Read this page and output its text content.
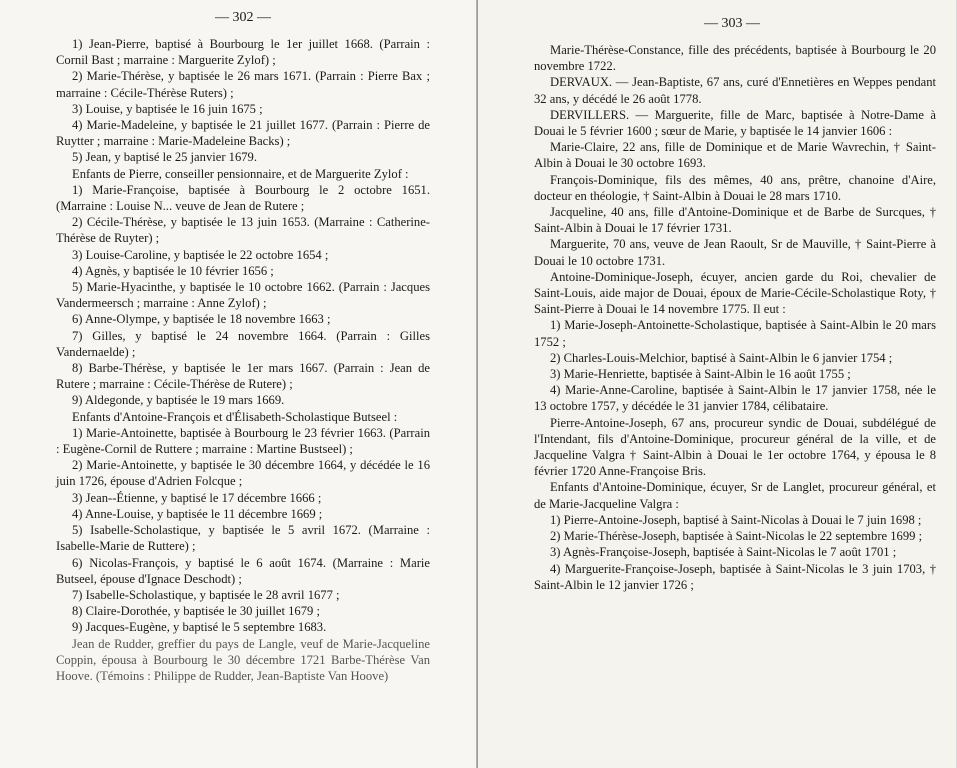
— 302 —

1) Jean-Pierre, baptisé à Bourbourg le 1er juillet 1668. (Parrain : Cornil Bast ; marraine : Marguerite Zylof) ;

2) Marie-Thérèse, y baptisée le 26 mars 1671. (Parrain : Pierre Bax ; marraine : Cécile-Thérèse Ruters) ;

3) Louise, y baptisée le 16 juin 1675 ;

4) Marie-Madeleine, y baptisée le 21 juillet 1677. (Parrain : Pierre de Ruytter ; marraine : Marie-Madeleine Backs) ;

5) Jean, y baptisé le 25 janvier 1679.

Enfants de Pierre, conseiller pensionnaire, et de Marguerite Zylof :

1) Marie-Françoise, baptisée à Bourbourg le 2 octobre 1651. (Marraine : Louise N... veuve de Jean de Rutere ;

2) Cécile-Thérèse, y baptisée le 13 juin 1653. (Marraine : Catherine-Thérèse de Ruyter) ;

3) Louise-Caroline, y baptisée le 22 octobre 1654 ;

4) Agnès, y baptisée le 10 février 1656 ;

5) Marie-Hyacinthe, y baptisée le 10 octobre 1662. (Parrain : Jacques Vandermeersch ; marraine : Anne Zylof) ;

6) Anne-Olympe, y baptisée le 18 novembre 1663 ;

7) Gilles, y baptisé le 24 novembre 1664. (Parrain : Gilles Vandernaelde) ;

8) Barbe-Thérèse, y baptisée le 1er mars 1667. (Parrain : Jean de Rutere ; marraine : Cécile-Thérèse de Rutere) ;

9) Aldegonde, y baptisée le 19 mars 1669.

Enfants d'Antoine-François et d'Élisabeth-Scholastique Butseel :

1) Marie-Antoinette, baptisée à Bourbourg le 23 février 1663. (Parrain : Eugène-Cornil de Ruttere ; marraine : Martine Bustseel) ;

2) Marie-Antoinette, y baptisée le 30 décembre 1664, y décédée le 16 juin 1726, épouse d'Adrien Folcque ;

3) Jean--Étienne, y baptisé le 17 décembre 1666 ;

4) Anne-Louise, y baptisée le 11 décembre 1669 ;

5) Isabelle-Scholastique, y baptisée le 5 avril 1672. (Marraine : Isabelle-Marie de Ruttere) ;

6) Nicolas-François, y baptisé le 6 août 1674. (Marraine : Marie Butseel, épouse d'Ignace Deschodt) ;

7) Isabelle-Scholastique, y baptisée le 28 avril 1677 ;

8) Claire-Dorothée, y baptisée le 30 juillet 1679 ;

9) Jacques-Eugène, y baptisé le 5 septembre 1683.

Jean de Rudder, greffier du pays de Langle, veuf de Marie-Jacqueline Coppin, épousa à Bourbourg le 30 décembre 1721 Barbe-Thérèse Van Hoove. (Témoins : Philippe de Rudder, Jean-Baptiste Van Hoove)

— 303 —

Marie-Thérèse-Constance, fille des précédents, baptisée à Bourbourg le 20 novembre 1722.

DERVAUX. — Jean-Baptiste, 67 ans, curé d'Ennetières en Weppes pendant 32 ans, y décédé le 26 août 1778.

DERVILLERS. — Marguerite, fille de Marc, baptisée à Notre-Dame à Douai le 5 février 1600 ; sœur de Marie, y baptisée le 14 janvier 1606 :

Marie-Claire, 22 ans, fille de Dominique et de Marie Wavrechin, † Saint-Albin à Douai le 30 octobre 1693.

François-Dominique, fils des mêmes, 40 ans, prêtre, chanoine d'Aire, docteur en théologie, † Saint-Albin à Douai le 28 mars 1710.

Jacqueline, 40 ans, fille d'Antoine-Dominique et de Barbe de Surcques, † Saint-Albin à Douai le 17 février 1731.

Marguerite, 70 ans, veuve de Jean Raoult, Sr de Mauville, † Saint-Pierre à Douai le 10 octobre 1731.

Antoine-Dominique-Joseph, écuyer, ancien garde du Roi, chevalier de Saint-Louis, aide major de Douai, époux de Marie-Cécile-Scholastique Roty, † Saint-Pierre à Douai le 14 novembre 1775. Il eut :

1) Marie-Joseph-Antoinette-Scholastique, baptisée à Saint-Albin le 20 mars 1752 ;

2) Charles-Louis-Melchior, baptisé à Saint-Albin le 6 janvier 1754 ;

3) Marie-Henriette, baptisée à Saint-Albin le 16 août 1755 ;

4) Marie-Anne-Caroline, baptisée à Saint-Albin le 17 janvier 1758, née le 13 octobre 1757, y décédée le 31 janvier 1784, célibataire.

Pierre-Antoine-Joseph, 67 ans, procureur syndic de Douai, subdélégué de l'Intendant, fils d'Antoine-Dominique, procureur général de la ville, et de Jacqueline Valgra † Saint-Albin à Douai le 1er octobre 1764, y épousa le 8 février 1720 Anne-Françoise Bris.

Enfants d'Antoine-Dominique, écuyer, Sr de Langlet, procureur général, et de Marie-Jacqueline Valgra :

1) Pierre-Antoine-Joseph, baptisé à Saint-Nicolas à Douai le 7 juin 1698 ;

2) Marie-Thérèse-Joseph, baptisée à Saint-Nicolas le 22 septembre 1699 ;

3) Agnès-Françoise-Joseph, baptisée à Saint-Nicolas le 7 août 1701 ;

4) Marguerite-Françoise-Joseph, baptisée à Saint-Nicolas le 3 juin 1703, † Saint-Albin le 12 janvier 1726 ;
